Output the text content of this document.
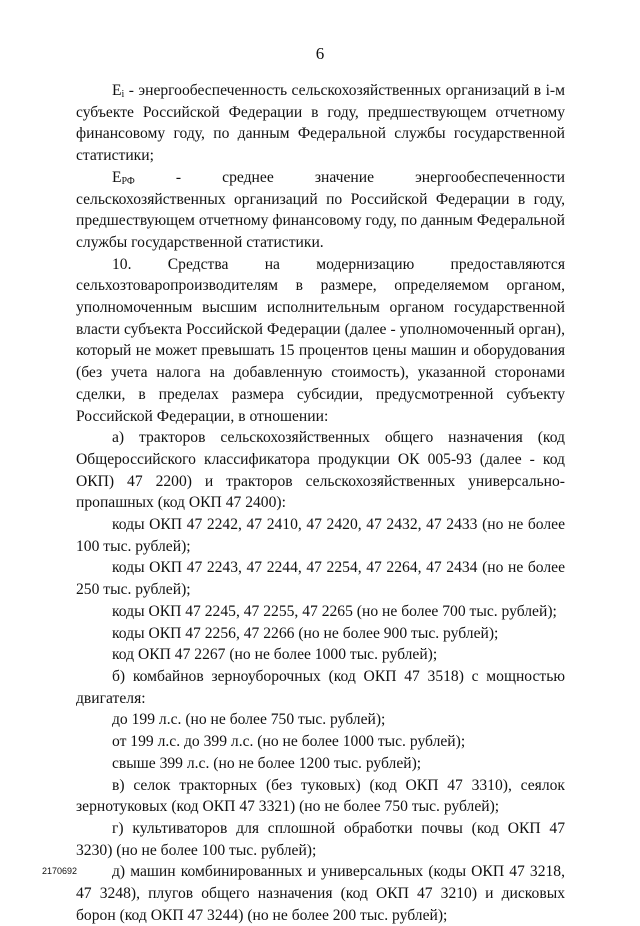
6

$E_i$ - энергообеспеченность сельскохозяйственных организаций в i-м субъекте Российской Федерации в году, предшествующем отчетному финансовому году, по данным Федеральной службы государственной статистики;

$E_{РФ}$ - среднее значение энергообеспеченности сельскохозяйственных организаций по Российской Федерации в году, предшествующем отчетному финансовому году, по данным Федеральной службы государственной статистики.

10. Средства на модернизацию предоставляются сельхозтоваропроизводителям в размере, определяемом органом, уполномоченным высшим исполнительным органом государственной власти субъекта Российской Федерации (далее - уполномоченный орган), который не может превышать 15 процентов цены машин и оборудования (без учета налога на добавленную стоимость), указанной сторонами сделки, в пределах размера субсидии, предусмотренной субъекту Российской Федерации, в отношении:

а) тракторов сельскохозяйственных общего назначения (код Общероссийского классификатора продукции ОК 005-93 (далее - код ОКП) 47 2200) и тракторов сельскохозяйственных универсально-пропашных (код ОКП 47 2400):

коды ОКП 47 2242, 47 2410, 47 2420, 47 2432, 47 2433 (но не более 100 тыс. рублей);

коды ОКП 47 2243, 47 2244, 47 2254, 47 2264, 47 2434 (но не более 250 тыс. рублей);

коды ОКП 47 2245, 47 2255, 47 2265 (но не более 700 тыс. рублей);

коды ОКП 47 2256, 47 2266 (но не более 900 тыс. рублей);

код ОКП 47 2267 (но не более 1000 тыс. рублей);

б) комбайнов зерноуборочных (код ОКП 47 3518) с мощностью двигателя:

до 199 л.с. (но не более 750 тыс. рублей);

от 199 л.с. до 399 л.с. (но не более 1000 тыс. рублей);

свыше 399 л.с. (но не более 1200 тыс. рублей);

в) селок тракторных (без туковых) (код ОКП 47 3310), сеялок зернотуковых (код ОКП 47 3321) (но не более 750 тыс. рублей);

г) культиваторов для сплошной обработки почвы (код ОКП 47 3230) (но не более 100 тыс. рублей);

д) машин комбинированных и универсальных (коды ОКП 47 3218, 47 3248), плугов общего назначения (код ОКП 47 3210) и дисковых борон (код ОКП 47 3244) (но не более 200 тыс. рублей);

2170692
